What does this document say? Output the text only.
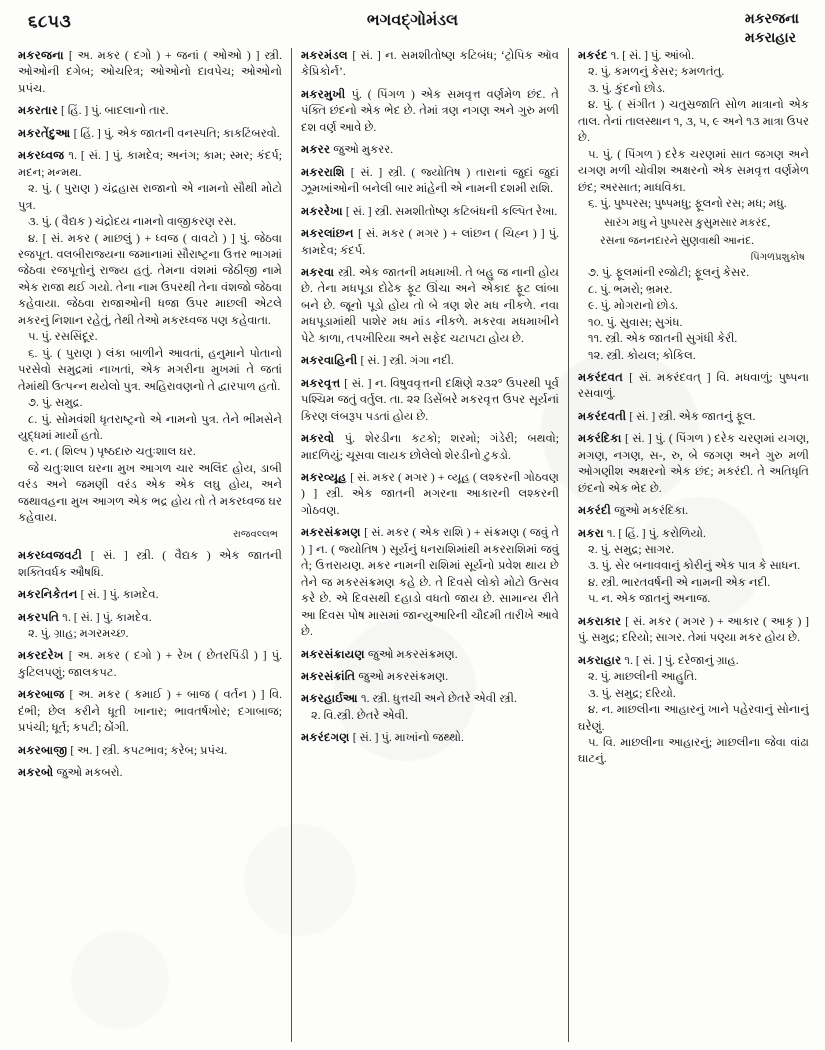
૬૮૫૩	ભગવદ્ગોમંડલ	મકરજના
મકરાહાર
મકરજના [ અ. મકર ( દગો ) + જનાં ( ઓઓ ) ] સ્ત્રી. ઓઓની દગેબ; ઓચરિત્ર; ઓઓનો દાવપેચ; ઓઓનો પ્રપંચ.
મકરતાર [ હિં. ] પું. બાદલાનો તાર.
મકરતેંદુઆ [ હિં. ] પું. એક જાતની વનસ્પતિ; કાકટિંબરવો.
મકરધ્વજ ૧. [ સં. ] પું. કામદેવ; અનંગ; કામ; સ્મર; કંદર્પ; મદન; મન્મથ.
૨. પું. ( પુરાણ ) ચંદ્રહાસ રાજાનો એ નામનો સૌથી મોટો પુત્ર.
૩. પું. ( વૈદ્યક ) ચંદ્રોદય નામનો વાજીકરણ રસ.
૪. [ સં. મકર ( માછલું ) + ધ્વજ ( વાવટો ) ] પું. જેઠવા રજપૂત. વલબીરાજ્યના જમાનામાં સૌરાષ્ટ્રના ઉત્તર ભાગમાં જેઠવા રજપૂતોનું રાજ્ય હતું. તેમના વંશમાં જેઠીજી નામે એક રાજા થઈ ગયો. તેના નામ ઉપરથી તેના વંશજો જેઠવા કહેવાયા. જેઠવા રાજાઓની ધજા ઉપર માછલી એટલે મકરનું નિશાન રહેતું, તેથી તેઓ મકરધ્વજ પણ કહેવાતા.
૫. પું. રસસિંદૂર.
૬. પું. ( પુરાણ ) લંકા બાળીને આવતાં, હનુમાને પોતાનો પરસેવો સમુદ્રમાં નાખતાં, એક મગરીના મુખમાં તે જતાં તેમાંથી ઉત્પન્ન થયેલો પુત્ર. અહિરાવણનો તે દ્વારપાળ હતો.
૭. પું. સમુદ્ર.
૮. પું. સોમવંશી ધૃતરાષ્ટ્રનો એ નામનો પુત્ર. તેને ભીમસેને યુદ્ધમાં માર્યો હતો.
૯. ન. ( શિલ્પ ) પૃષ્ઠદારુ ચતુઃશાલ ઘર.
જે ચતુઃશાલ ઘરના મુખ આગળ ચાર અલિંદ હોય, ડાબી વરંડ અને જમણી વરંડ એક એક લઘુ હોય, અને જથાવહના મુખ આગળ એક ભદ્ર હોય તો તે મકરધ્વજ ઘર કહેવાય.
રાજવલ્લભ
મકરધ્વજવટી [ સં. ] સ્ત્રી. ( વૈદ્યક ) એક જાતની શક્તિવર્ધક ઔષધિ.
મકરનિકેતન [ સં. ] પું. કામદેવ.
મકરપતિ ૧. [ સં. ] પું. કામદેવ.
૨. પું. ગ્રાહ; મગરમચ્છ.
મકરદરેખ [ અ. મકર ( દગો ) + રેખ ( છેતરપિંડી ) ] પું. કુટિલપણું; જાલકપટ.
મકરબાજ [ અ. મકર ( કમાઈ ) + બાજ ( વર્તન ) ] વિ. દંભી; છેલ કરીને ધૂતી ખાનાર; ભાવતર્ષખોર; દગાબાજ; પ્રપંચી; ધૂર્ત; કપટી; ઠોંગી.
મકરબાજી [ અ. ] સ્ત્રી. કપટભાવ; કરેબ; પ્રપંચ.
મકરબો જુઓ મકબરો.
મકરમંડલ [ સં. ] ન. સમશીતોષ્ણ કટિબંધ; ‘ટ્રોપિક ઑવ કેપ્રિકોર્ન’.
મકરમુખી પું. ( પિંગળ ) એક સમવૃત્ત વર્ણમેળ છંદ. તે પંક્તિ છંદનો એક ભેદ છે. તેમાં ત્રણ નગણ અને ગુરુ મળી દશ વર્ણ આવે છે.
મકરર જુઓ મુકરર.
મકરરાશિ [ સં. ] સ્ત્રી. ( જ્યોતિષ ) તારાનાં જુદાં જુદાં ઝૂમખાંઓની બનેલી બાર માંહેની એ નામની દશમી રાશિ.
મકરરેખા [ સં. ] સ્ત્રી. સમશીતોષ્ણ કટિબંધની કલ્પિત રેખા.
મકરલાંછન [ સં. મકર ( મગર ) + લાંછન ( ચિહ્ન ) ] પું. કામદેવ; કંદર્પ.
મકરવા સ્ત્રી. એક જાતની મધમાખી. તે બહુ જ નાની હોય છે. તેના મધપૂડા દોઢેક ફૂટ ઊંચા અને એકાદ ફૂટ લાંબા બને છે. જૂનો પૂડો હોય તો બે ત્રણ શેર મધ નીકળે. નવા મધપૂડામાંથી પાશેર મધ માંડ નીકળે. મકરવા મધમાખીને પેટે કાળા, તપખીરિયા અને સફેદ ચટાપટા હોય છે.
મકરવાહિની [ સં. ] સ્ત્રી. ગંગા નદી.
મકરવૃત્ત [ સં. ] ન. વિષુવવૃત્તની દક્ષિણે ૨૩૨° ઉપરથી પૂર્વ પશ્ચિમ જતું વર્તુલ. તા. ૨૨ ડિસેંબરે મકરવૃત્ત ઉપર સૂર્યનાં કિરણ લંબરૂપ પડતાં હોય છે.
મકરવો પું. શેરડીના કટકો; શરમો; ગંડેરી; બથવો; માદળિયું; ચૂસવા લાયક છોલેલો શેરડીનો ટુકડો.
મકરવ્યૂહ [ સં. મકર ( મગર ) + વ્યૂહ ( લશ્કરની ગોઠવણ ) ] સ્ત્રી. એક જાતની મગરના આકારની લશ્કરની ગોઠવણ.
મકરસંક્રમણ [ સં. મકર ( એક રાશિ ) + સંક્રમણ ( જવું તે ) ] ન. ( જ્યોતિષ ) સૂર્યનું ધનરાશિમાંથી મકરરાશિમાં જવું તે; ઉત્તરાયણ. મકર નામની રાશિમાં સૂર્યનો પ્રવેશ થાય છે તેને જ મકરસંક્રમણ કહે છે. તે દિવસે લોકો મોટો ઉત્સવ કરે છે. એ દિવસથી દહાડો વધતો જાય છે. સામાન્ય રીતે આ દિવસ પોષ માસમાં જાન્યુઆરિની ચૌદમી તારીખે આવે છે.
મકરસંક્રાયણ જુઓ મકરસંક્રમણ.
મકરસંક્રાંતિ જુઓ મકરસંક્રમણ.
મકરહાર્ઇઆ ૧. સ્ત્રી. ધુત્તચી અને છેતરે એવી સ્ત્રી.
૨. વિ.સ્ત્રી. છેતરે એવી.
મકરંદગણ [ સં. ] પું. માખાંનો જથ્થો.
મકરંદ ૧. [ સં. ] પું. આંબો.
૨. પું. કમળનું કેસર; કમળતંતુ.
૩. પું. કુંદનો છોડ.
૪. પું. ( સંગીત ) ચતુસ્રજાતિ સોળ માત્રાનો એક તાલ. તેનાં તાલસ્થાન ૧, ૩, ૫, ૯ અને ૧૩ માત્રા ઉપર છે.
૫. પું. ( પિંગળ ) દરેક ચરણમાં સાત જગણ અને યગણ મળી ચોવીશ અક્ષરનો એક સમવૃત્ત વર્ણમેળ છંદ; અરસાત; માધવિકા.
૬. પું. પુષ્પરસ; પુષ્પમધુ; ફૂલનો રસ; મધ; મધુ.
સારંગ મધુ ને પુષ્પરસ કુસુમસાર મકરંદ,
રસના જનનદારને સુણવાથી આનંદ.
પિંગળપ્રશુકોષ
૭. પું. ફૂલમાંની રજોટી; ફૂલનું કેસર.
૮. પું. ભમરો; ભ્રમર.
૯. પું. મોગરાનો છોડ.
૧૦. પું. સુવાસ; સુગંધ.
૧૧. સ્ત્રી. એક જાતની સુગંધી કેરી.
૧૨. સ્ત્રી. કોયલ; કોકિલ.
મકરંદવત [ સં. મકરંદવત્ ] વિ. મધવાળું; પુષ્પના રસવાળું.
મકરંદવતી [ સં. ] સ્ત્રી. એક જાતનું ફૂલ.
મકરંદિકા [ સં. ] પું. ( પિંગળ ) દરેક ચરણમાં યગણ, મગણ, નગણ, સ-, રુ, બે જગણ અને ગુરુ મળી ઓગણીશ અક્ષરનો એક છંદ; મકરંદી. તે અતિધૃતિ છંદનો એક ભેદ છે.
મકરંદી જુઓ મકરંદિકા.
મકરા ૧. [ હિં. ] પું. કરોળિયો.
૨. પું. સમુદ્ર; સાગર.
૩. પું. સેર બનાવવાનું કોરીનું એક પાત્ર કે સાધન.
૪. સ્ત્રી. ભારતવર્ષની એ નામની એક નદી.
૫. ન. એક જાતનું અનાજ.
મકરાકાર [ સં. મકર ( મગર ) + આકાર ( આકૃ ) ] પું. સમુદ્ર; દરિયો; સાગર. તેમાં પણ્યા મકર હોય છે.
મકરાહાર ૧. [ સં. ] પું. દરેજાનું ગ્રાહ.
૨. પું. માછલીની આહુતિ.
૩. પું. સમુદ્ર; દરિયો.
૪. ન. માછલીના આહારનું ખાને પહેરવાનું સોનાનું ઘરેણું.
૫. વિ. માછલીના આહારનું; માછલીના જેવા વાંઢા ઘાટનું.
